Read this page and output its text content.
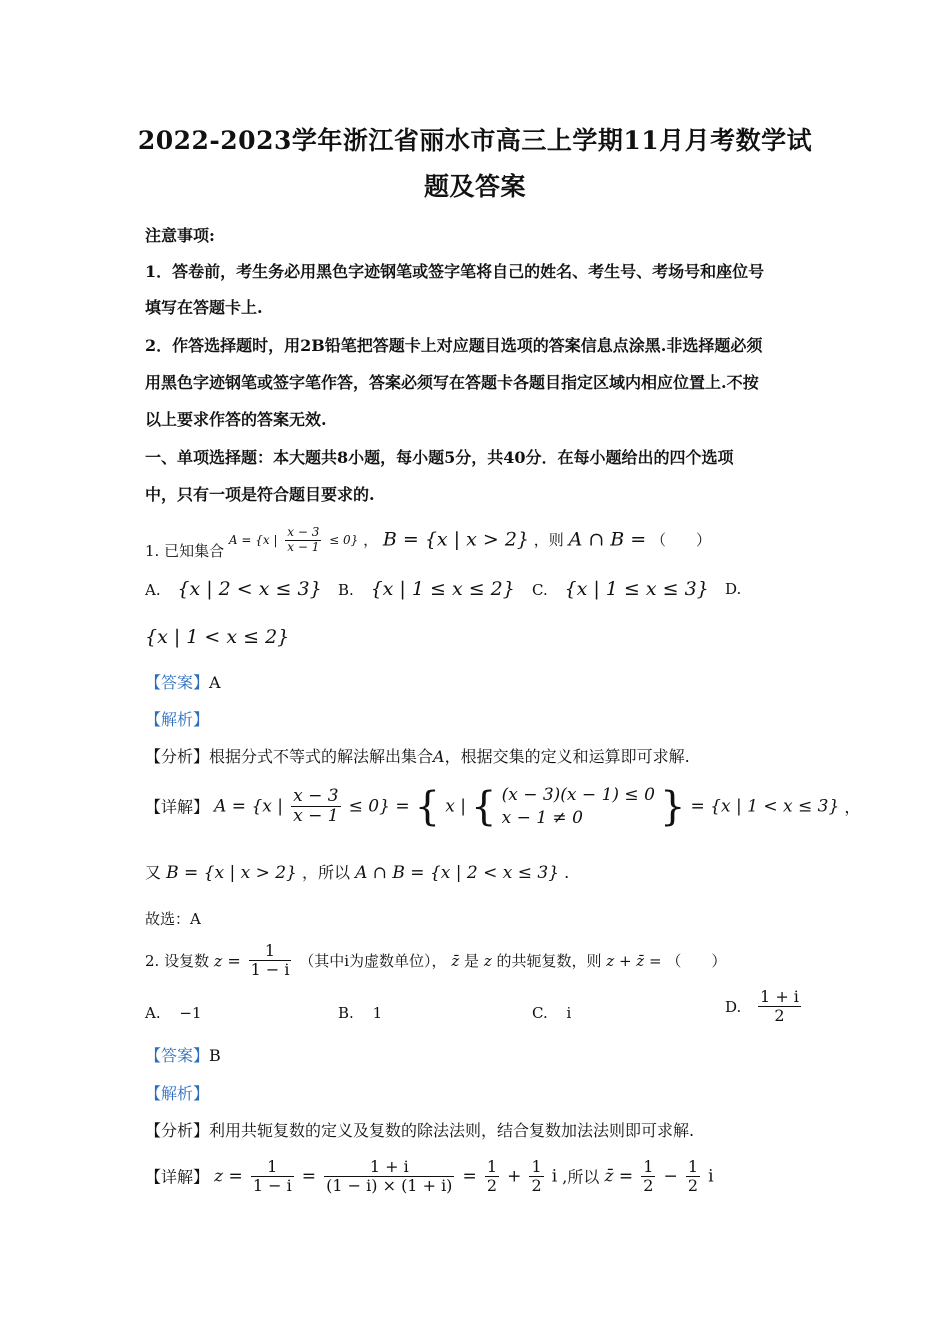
2022-2023学年浙江省丽水市高三上学期11月月考数学试
题及答案
注意事项:
1．答卷前，考生务必用黑色字迹钢笔或签字笔将自己的姓名、考生号、考场号和座位号
填写在答题卡上.
2．作答选择题时，用2B铅笔把答题卡上对应题目选项的答案信息点涂黑.非选择题必须
用黑色字迹钢笔或签字笔作答，答案必须写在答题卡各题目指定区域内相应位置上.不按
以上要求作答的答案无效.
一、单项选择题：本大题共8小题，每小题5分，共40分．在每小题给出的四个选项
中，只有一项是符合题目要求的.
1. 已知集合 A = {x | $\frac{x - 3}{x - 1} \le 0$} ， B = {x | x > 2} ，则 A ∩ B = （　　）
A. {x | 2 < x ≤ 3} B. {x | 1 ≤ x ≤ 2} C. {x | 1 ≤ x ≤ 3} D.
{x | 1 < x ≤ 2}
【答案】A
【解析】
【分析】根据分式不等式的解法解出集合A，根据交集的定义和运算即可求解.
【详解】 A = {x | $\frac{x - 3}{x - 1} \le 0$} = { x | { (x − 3)(x − 1) ≤ 0
x − 1 ≠ 0	} = {x | 1 < x ≤ 3} ，
又 B = {x | x > 2} ，所以 A ∩ B = {x | 2 < x ≤ 3} .
故选：A
2. 设复数 $z = \frac{1}{1 - i}$ （其中i为虚数单位）， z̄ 是 z 的共轭复数，则 z + z̄ = （　　）
A. −1	B. 1	C. i	D. $\frac{1 + i}{2}$
【答案】B
【解析】
【分析】利用共轭复数的定义及复数的除法法则，结合复数加法法则即可求解.
【详解】 $z = \frac{1}{1 - i} = \frac{1 + i}{(1 - i) \times (1 + i)} = \frac{1}{2} + \frac{1}{2}$ i ,所以 z̄ = $\frac{1}{2} - \frac{1}{2}$ i
